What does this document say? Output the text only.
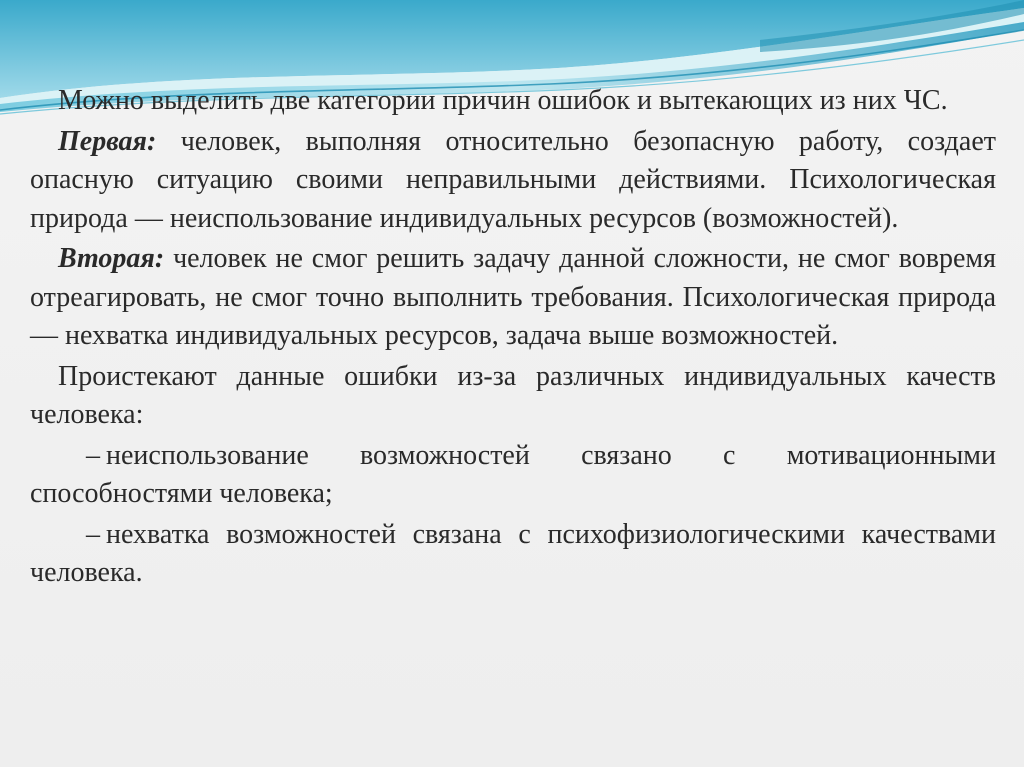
Можно выделить две категории причин ошибок и вытекающих из них ЧС.

Первая: человек, выполняя относительно безопасную работу, создает опасную ситуацию своими неправильными действиями. Психологическая природа — неиспользование индивидуальных ресурсов (возможностей).

Вторая: человек не смог решить задачу данной сложности, не смог вовремя отреагировать, не смог точно выполнить требования. Психологическая природа — нехватка индивидуальных ресурсов, задача выше возможностей.

Проистекают данные ошибки из-за различных индивидуальных качеств человека:

– неиспользование возможностей связано с мотивационными способностями человека;

– нехватка возможностей связана с психофизиологическими качествами человека.
